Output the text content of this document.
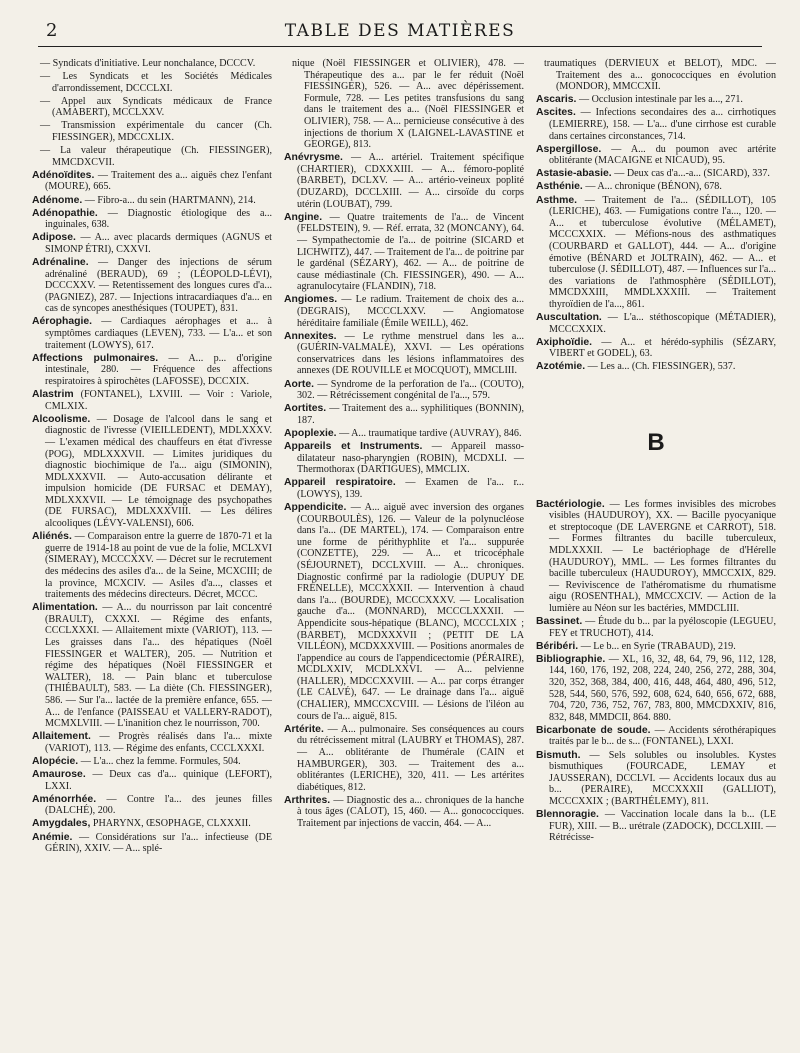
2	TABLE DES MATIÈRES

— Syndicats d'initiative. Leur nonchalance, DCCCV.

— Les Syndicats et les Sociétés Médicales d'arrondissement, DCCCLXI.

— Appel aux Syndicats médicaux de France (AMABERT), MCCLXXV.

— Transmission expérimentale du cancer (Ch. FIESSINGER), MDCCXLIX.

— La valeur thérapeutique (Ch. FIESSINGER), MMCDXCVII.

Adénoïdites. — Traitement des a... aiguës chez l'enfant (MOURE), 665.

Adénome. — Fibro-a... du sein (HARTMANN), 214.

Adénopathie. — Diagnostic étiologique des a... inguinales, 638.

Adipose. — A... avec placards dermiques (AGNUS et SIMONP ÉTRI), CXXVI.

Adrénaline. — Danger des injections de sérum adrénaliné (BERAUD), 69 ; (LÉOPOLD-LÉVI), DCCCXXV. — Retentissement des longues cures d'a... (PAGNIEZ), 287. — Injections intracardiaques d'a... en cas de syncopes anesthésiques (TOUPET), 831.

Aérophagie. — Cardiaques aérophages et a... à symptômes cardiaques (LEVEN), 733. — L'a... et son traitement (LOWYS), 617.

Affections pulmonaires. — A... p... d'origine intestinale, 280. — Fréquence des affections respiratoires à spirochètes (LAFOSSE), DCCXIX.

Alastrim (FONTANEL), LXVIII. — Voir : Variole, CMLXIX.

Alcoolisme. — Dosage de l'alcool dans le sang et diagnostic de l'ivresse (VIEILLEDENT), MDLXXXV. — L'examen médical des chauffeurs en état d'ivresse (POG), MDLXXXVII. — Limites juridiques du diagnostic biochimique de l'a... aigu (SIMONIN), MDLXXXVII. — Auto-accusation délirante et impulsion homicide (DE FURSAC et DEMAY), MDLXXXVII. — Le témoignage des psychopathes (DE FURSAC), MDLXXXVIII. — Les délires alcooliques (LÉVY-VALENSI), 606.

Aliénés. — Comparaison entre la guerre de 1870-71 et la guerre de 1914-18 au point de vue de la folie, MCLXVI (SIMERAY), MCCCXXV. — Décret sur le recrutement des médecins des asiles d'a... de la Seine, MCXCIII; de la province, MCXCIV. — Asiles d'a..., classes et traitements des médecins directeurs. Décret, MCCC.

Alimentation. — A... du nourrisson par lait concentré (BRAULT), CXXXI. — Régime des enfants, CCCLXXXI. — Allaitement mixte (VARIOT), 113. — Les graisses dans l'a... des hépatiques (Noël FIESSINGER et WALTER), 205. — Nutrition et régime des hépatiques (Noël FIESSINGER et WALTER), 18. — Pain blanc et tuberculose (THIÉBAULT), 583. — La diète (Ch. FIESSINGER), 586. — Sur l'a... lactée de la première enfance, 655. — A... de l'enfance (PAISSEAU et VALLERY-RADOT), MCMXLVIII. — L'inanition chez le nourrisson, 700.

Allaitement. — Progrès réalisés dans l'a... mixte (VARIOT), 113. — Régime des enfants, CCCLXXXI.

Alopécie. — L'a... chez la femme. Formules, 504.

Amaurose. — Deux cas d'a... quinique (LEFORT), LXXI.

Aménorrhée. — Contre l'a... des jeunes filles (DALCHÉ), 200.

Amygdales, PHARYNX, ŒSOPHAGE, CLXXXII.

Anémie. — Considérations sur l'a... infectieuse (DE GÉRIN), XXIV. — A... splé-

nique (Noël FIESSINGER et OLIVIER), 478. — Thérapeutique des a... par le fer réduit (Noël FIESSINGER), 526. — A... avec dépérissement. Formule, 728. — Les petites transfusions du sang dans le traitement des a... (Noël FIESSINGER et OLIVIER), 758. — A... pernicieuse consécutive à des injections de thorium X (LAIGNEL-LAVASTINE et GEORGE), 813.

Anévrysme. — A... artériel. Traitement spécifique (CHARTIER), CDXXXIII. — A... fémoro-poplité (BARBET), DCLXV. — A... artério-veineux poplité (DUZARD), DCCLXIII. — A... cirsoïde du corps utérin (LOUBAT), 799.

Angine. — Quatre traitements de l'a... de Vincent (FELDSTEIN), 9. — Réf. errata, 32 (MONCANY), 64. — Sympathectomie de l'a... de poitrine (SICARD et LICHWITZ), 447. — Traitement de l'a... de poitrine par le gardénal (SÉZARY), 462. — A... de poitrine de cause médiastinale (Ch. FIESSINGER), 490. — A... agranulocytaire (FLANDIN), 718.

Angiomes. — Le radium. Traitement de choix des a... (DEGRAIS), MCCCLXXV. — Angiomatose héréditaire familiale (Émile WEILL), 462.

Annexites. — Le rythme menstruel dans les a... (GUÉRIN-VALMALE), XXVI. — Les opérations conservatrices dans les lésions inflammatoires des annexes (DE ROUVILLE et MOCQUOT), MMCLIII.

Aorte. — Syndrome de la perforation de l'a... (COUTO), 302. — Rétrécissement congénital de l'a..., 579.

Aortites. — Traitement des a... syphilitiques (BONNIN), 187.

Apoplexie. — A... traumatique tardive (AUVRAY), 846.

Appareils et Instruments. — Appareil masso-dilatateur naso-pharyngien (ROBIN), MCDXLI. — Thermothorax (DARTIGUES), MMCLIX.

Appareil respiratoire. — Examen de l'a... r... (LOWYS), 139.

Appendicite. — A... aiguë avec inversion des organes (COURBOULÈS), 126. — Valeur de la polynucléose dans l'a... (DE MARTEL), 174. — Comparaison entre une forme de périthyphlite et l'a... suppurée (CONZETTE), 229. — A... et tricocéphale (SÉJOURNET), DCCLXVIII. — A... chroniques. Diagnostic confirmé par la radiologie (DUPUY DE FRÉNELLE), MCCXXXII. — Intervention à chaud dans l'a... (BOURDE), MCCCXXXV. — Localisation gauche d'a... (MONNARD), MCCCLXXXII. — Appendicite sous-hépatique (BLANC), MCCCLXIX ; (BARBET), MCDXXXVII ; (PETIT DE LA VILLÉON), MCDXXXVIII. — Positions anormales de l'appendice au cours de l'appendicectomie (PÉRAIRE), MCDLXXIV, MCDLXXVI. — A... pelvienne (HALLER), MDCCXXVIII. — A... par corps étranger (LE CALVÉ), 647. — Le drainage dans l'a... aiguë (CHALIER), MMCCXCVIII. — Lésions de l'iléon au cours de l'a... aiguë, 815.

Artérite. — A... pulmonaire. Ses conséquences au cours du rétrécissement mitral (LAUBRY et THOMAS), 287. — A... oblitérante de l'humérale (CAIN et HAMBURGER), 303. — Traitement des a... oblitérantes (LERICHE), 320, 411. — Les artérites diabétiques, 812.

Arthrites. — Diagnostic des a... chroniques de la hanche à tous âges (CALOT), 15, 460. — A... gonococciques. Traitement par injections de vaccin, 464. — A...

traumatiques (DERVIEUX et BELOT), MDC. — Traitement des a... gonococciques en évolution (MONDOR), MMCCXII.

Ascaris. — Occlusion intestinale par les a..., 271.

Ascites. — Infections secondaires des a... cirrhotiques (LEMIERRE), 158. — L'a... d'une cirrhose est curable dans certaines circonstances, 714.

Aspergillose. — A... du poumon avec artérite oblitérante (MACAIGNE et NICAUD), 95.

Astasie-abasie. — Deux cas d'a...-a... (SICARD), 337.

Asthénie. — A... chronique (BÉNON), 678.

Asthme. — Traitement de l'a... (SÉDILLOT), 105 (LERICHE), 463. — Fumigations contre l'a..., 120. — A... et tuberculose évolutive (MÉLAMET), MCCCXXIX. — Méfions-nous des asthmatiques (COURBARD et GALLOT), 444. — A... d'origine émotive (BÉNARD et JOLTRAIN), 462. — A... et tuberculose (J. SÉDILLOT), 487. — Influences sur l'a... des variations de l'athmosphère (SÉDILLOT), MMCDXXIII, MMDLXXXIII. — Traitement thyroïdien de l'a..., 861.

Auscultation. — L'a... stéthoscopique (MÉTADIER), MCCCXXIX.

Axiphoïdie. — A... et hérédo-syphilis (SÉZARY, VIBERT et GODEL), 63.

Azotémie. — Les a... (Ch. FIESSINGER), 537.

B

Bactériologie. — Les formes invisibles des microbes visibles (HAUDUROY), XX. — Bacille pyocyanique et streptocoque (DE LAVERGNE et CARROT), 518. — Formes filtrantes du bacille tuberculeux, MDLXXXII. — Le bactériophage de d'Hérelle (HAUDUROY), MML. — Les formes filtrantes du bacille tuberculeux (HAUDUROY), MMCCXIX, 829. — Reviviscence de l'athéromatisme du rhumatisme aigu (ROSENTHAL), MMCCXCIV. — Action de la lumière au Néon sur les bactéries, MMDCLIII.

Bassinet. — Étude du b... par la pyéloscopie (LEGUEU, FEY et TRUCHOT), 414.

Béribéri. — Le b... en Syrie (TRABAUD), 219.

Bibliographie. — XL, 16, 32, 48, 64, 79, 96, 112, 128, 144, 160, 176, 192, 208, 224, 240, 256, 272, 288, 304, 320, 352, 368, 384, 400, 416, 448, 464, 480, 496, 512, 528, 544, 560, 576, 592, 608, 624, 640, 656, 672, 688, 704, 720, 736, 752, 767, 783, 800, MMCDXXIV, 816, 832, 848, MMDCII, 864. 880.

Bicarbonate de soude. — Accidents sérothérapiques traités par le b... de s... (FONTANEL), LXXI.

Bismuth. — Sels solubles ou insolubles. Kystes bismuthiques (FOURCADE, LEMAY et JAUSSERAN), DCCLVI. — Accidents locaux dus au b... (PERAIRE), MCCXXXII (GALLIOT), MCCCXXIX ; (BARTHÉLEMY), 811.

Blennoragie. — Vaccination locale dans la b... (LE FUR), XIII. — B... urétrale (ZADOCK), DCCLXIII. — Rétrécisse-
